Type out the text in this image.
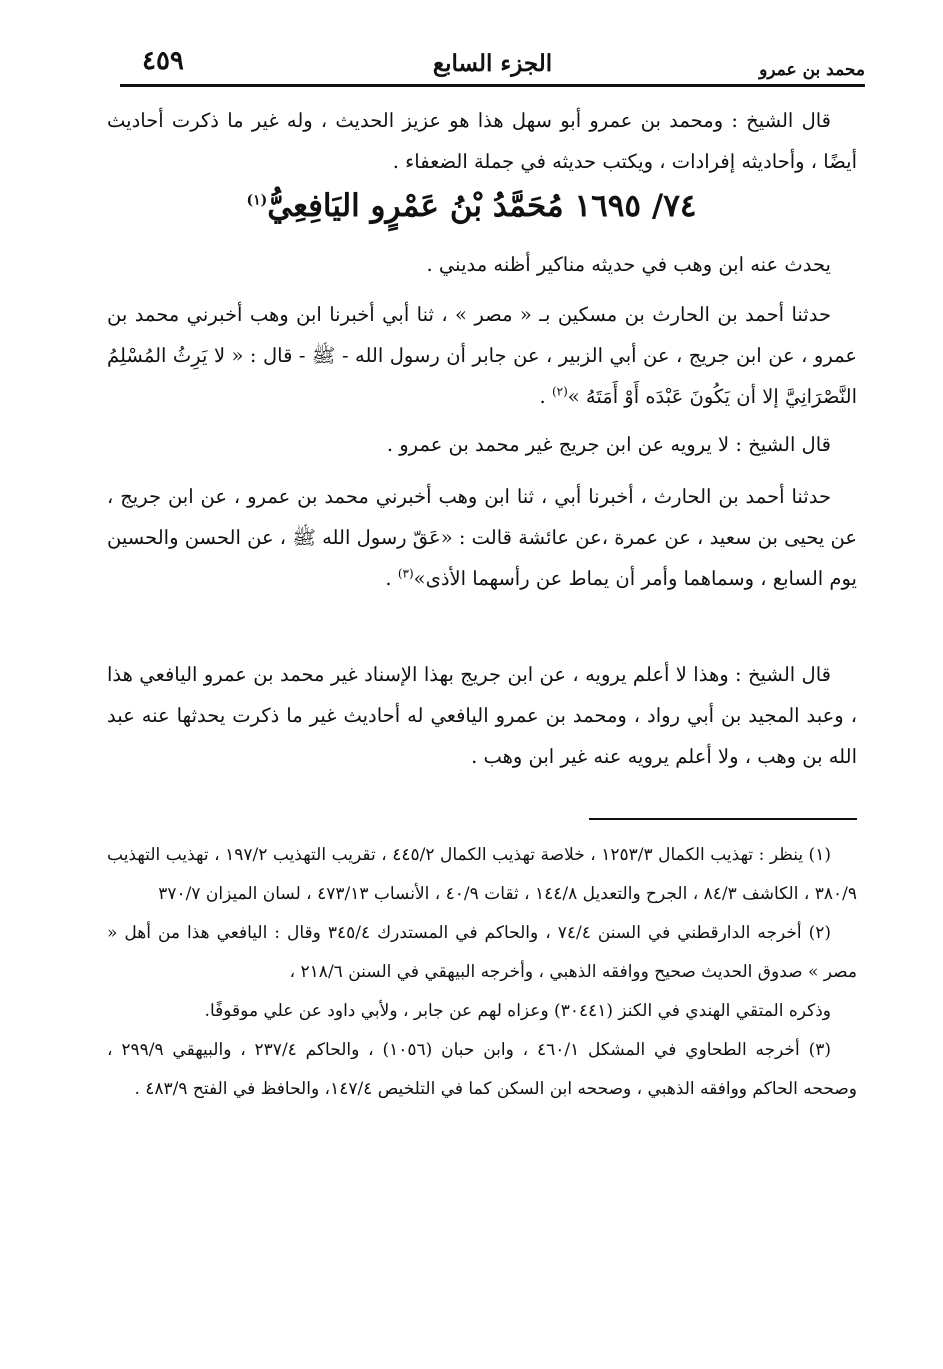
٤٥٩	الجزء السابع	محمد بن عمرو

قال الشيخ : ومحمد بن عمرو أبو سهل هذا هو عزيز الحديث ، وله غير ما ذكرت أحاديث أيضًا ، وأحاديثه إفرادات ، ويكتب حديثه في جملة الضعفاء .

٧٤/ ١٦٩٥ مُحَمَّدُ بْنُ عَمْرٍو اليَافِعِيُّ$^{(١)}$

يحدث عنه ابن وهب في حديثه مناكير أظنه مديني .

حدثنا أحمد بن الحارث بن مسكين بـ « مصر » ، ثنا أبي أخبرنا ابن وهب أخبرني محمد بن عمرو ، عن ابن جريج ، عن أبي الزبير ، عن جابر أن رسول الله - ﷺ - قال : « لا يَرِثُ المُسْلِمُ النَّصْرَانِيَّ إلا أن يَكُونَ عَبْدَه أَوْ أَمَتَهُ »$^{(٢)}$ .

قال الشيخ : لا يرويه عن ابن جريج غير محمد بن عمرو .

حدثنا أحمد بن الحارث ، أخبرنا أبي ، ثنا ابن وهب أخبرني محمد بن عمرو ، عن ابن جريج ، عن يحيى بن سعيد ، عن عمرة ،عن عائشة قالت : «عَقّ رسول الله ﷺ ، عن الحسن والحسين يوم السابع ، وسماهما وأمر أن يماط عن رأسهما الأذى»$^{(٣)}$ .

قال الشيخ : وهذا لا أعلم يرويه ، عن ابن جريج بهذا الإسناد غير محمد بن عمرو اليافعي هذا ، وعبد المجيد بن أبي رواد ، ومحمد بن عمرو اليافعي له أحاديث غير ما ذكرت يحدثها عنه عبد الله بن وهب ، ولا أعلم يرويه عنه غير ابن وهب .

(١) ينظر : تهذيب الكمال ١٢٥٣/٣ ، خلاصة تهذيب الكمال ٤٤٥/٢ ، تقريب التهذيب ١٩٧/٢ ، تهذيب التهذيب ٣٨٠/٩ ، الكاشف ٨٤/٣ ، الجرح والتعديل ١٤٤/٨ ، ثقات ٤٠/٩ ، الأنساب ٤٧٣/١٣ ، لسان الميزان ٣٧٠/٧

(٢) أخرجه الدارقطني في السنن ٧٤/٤ ، والحاكم في المستدرك ٣٤٥/٤ وقال : اليافعي هذا من أهل « مصر » صدوق الحديث صحيح ووافقه الذهبي ، وأخرجه البيهقي في السنن ٢١٨/٦ ،

وذكره المتقي الهندي في الكنز (٣٠٤٤١) وعزاه لهم عن جابر ، ولأبي داود عن علي موقوفًا.

(٣) أخرجه الطحاوي في المشكل ٤٦٠/١ ، وابن حبان (١٠٥٦) ، والحاكم ٢٣٧/٤ ، والبيهقي ٢٩٩/٩ ، وصححه الحاكم ووافقه الذهبي ، وصححه ابن السكن كما في التلخيص ١٤٧/٤، والحافظ في الفتح ٤٨٣/٩ .
